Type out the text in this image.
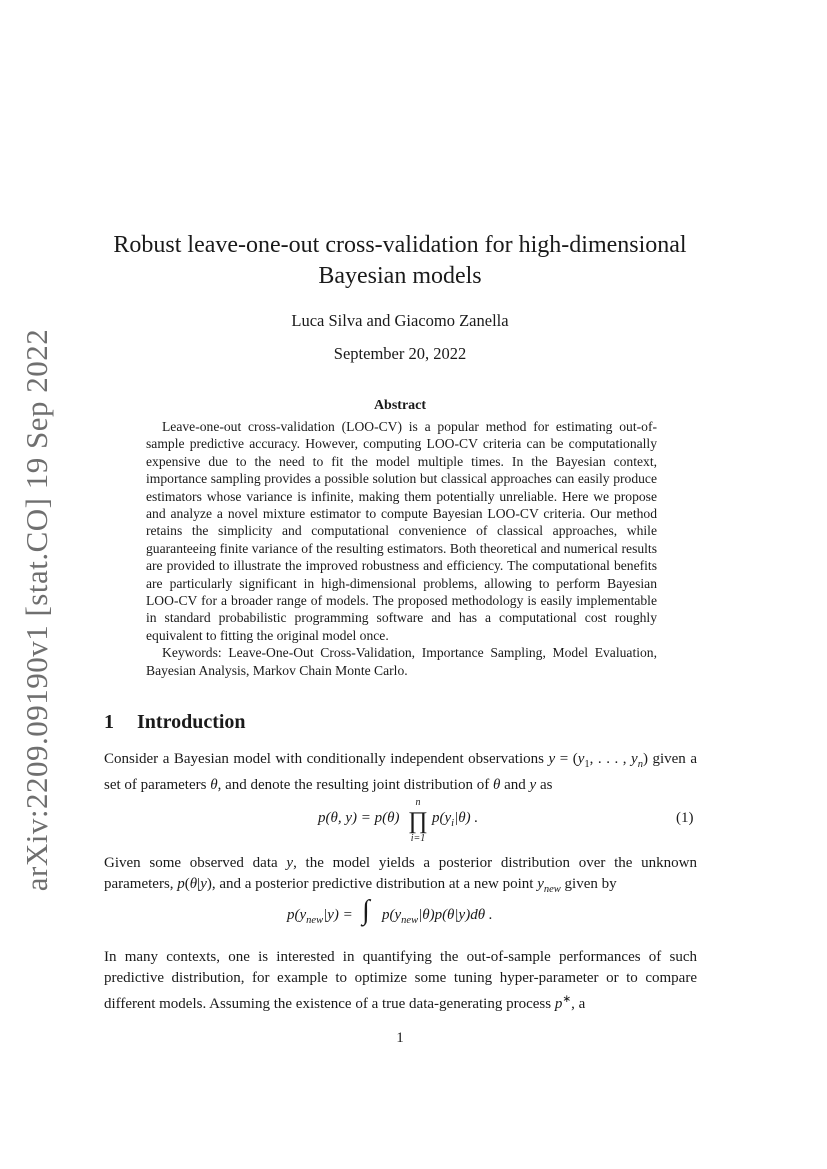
arXiv:2209.09190v1 [stat.CO] 19 Sep 2022
Robust leave-one-out cross-validation for high-dimensional Bayesian models
Luca Silva and Giacomo Zanella
September 20, 2022
Abstract

Leave-one-out cross-validation (LOO-CV) is a popular method for estimating out-of-sample predictive accuracy. However, computing LOO-CV criteria can be computationally expensive due to the need to fit the model multiple times. In the Bayesian context, importance sampling provides a possible solution but classical approaches can easily produce estimators whose variance is infinite, making them potentially unreliable. Here we propose and analyze a novel mixture estimator to compute Bayesian LOO-CV criteria. Our method retains the simplicity and computational convenience of classical approaches, while guaranteeing finite variance of the resulting estimators. Both theoretical and numerical results are provided to illustrate the improved robustness and efficiency. The computational benefits are particularly significant in high-dimensional problems, allowing to perform Bayesian LOO-CV for a broader range of models. The proposed methodology is easily implementable in standard probabilistic programming software and has a computational cost roughly equivalent to fitting the original model once.

Keywords: Leave-One-Out Cross-Validation, Importance Sampling, Model Evaluation, Bayesian Analysis, Markov Chain Monte Carlo.

1 Introduction
Consider a Bayesian model with conditionally independent observations $y = (y_1$, . . . , $y_n$) given a set of parameters θ, and denote the resulting joint distribution of θ and y as
p(θ, y) = p(θ)
n
∏
i=1
$p(y_i|\theta)$ .	(1)
Given some observed data y, the model yields a posterior distribution over the unknown parameters, p(θ|y), and a posterior predictive distribution at a new point $y_{new}$ given by
$p(y_{new}|y)$ = ∫ $p(y_{new}|\theta)p(\theta|y)d\theta$ .
In many contexts, one is interested in quantifying the out-of-sample performances of such predictive distribution, for example to optimize some tuning hyper-parameter or to compare different models. Assuming the existence of a true data-generating process p∗, a
1
